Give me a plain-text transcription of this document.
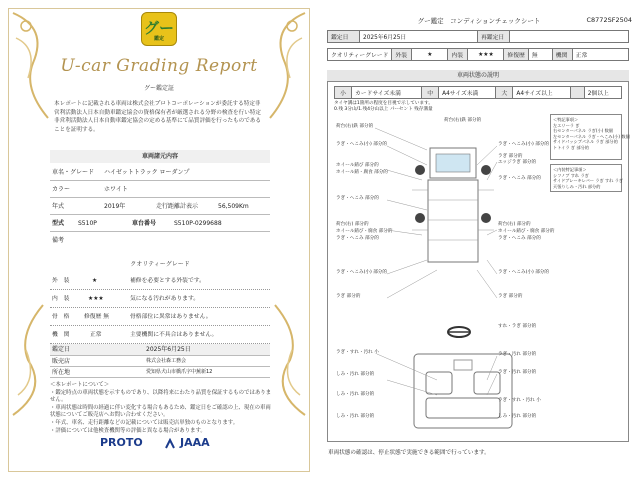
グー
鑑定
U-car Grading Report
グー鑑定証
本レポートに記載される車両は株式会社プロトコーポレーションが委託する特定非営利活動法人日本自動車鑑定協会の資格保有者が厳選される分野の検査を行い特定非営利活動法人日本自動車鑑定協会の定める基準にて品質評価を行ったものであることを証明する。
車両諸元内容
車名・グレード ハイゼットトラック ローダンプ
カラー	ホワイト
年式	2019年	走行距離計表示	56,509Km
型式 S510P	車台番号	S510P-0299688
備考
クオリティーグレード
外　装	★	補修を必要とする外装です。
内　装	★★★	気になる汚れがあります。
骨　格	修復歴 無	骨格部位に異常はありません。
機　関	正常	主要機関に不具合はありません。
鑑定日	2025年6月25日
販売店	株式会社森工務会
所在地	愛知県犬山市橋爪字中蕪新12
＜本レポートについて＞
・鑑定時点の車両状態を示すものであり、以降将来にわたり品質を保証するものではありません。
・車両状態は時間の経過に伴い変化する場合もあるため、鑑定日をご確認の上、現在の車両状態についてご販売店へお問い合わせください。
・年式、車名、走行距離などの記載については販売店単独のものとなります。
・評価については他検査機関等の評価と異なる場合があります。
PROTO	JAAA
グー鑑定　コンディションチェックシート	C8772SF2504
鑑定日	2025年6月25日	再鑑定日	
クオリティーグレード	外装	★	内装	★★★	修復歴	無	機関	正常
車両状態の説明
小	カードサイズ未満	中	A4サイズ未満	大	A4サイズ以上		2個以上
タイヤ溝は1箇所の程度を目視で示しています。
0.残 3分山/1.残4分山以上 パーセント 残存溝量
＜特記事項＞
左エリーラ ぎ
右センターパネル ラぎ(小) 数個
左センターパネル ラぎ・へこみ(小) 数個
サイドパッシブパネル ラぎ 部分的
トトイラ ぎ 部分的
＜内装特記事項＞
シフノブ すれ ラぎ
サイドブレーキレバー ラぎ すれ ラぎ
天張りしみ・汚れ 部分的
荷台(右)鉄 部分的
荷台(右)鉄 部分的
ラぎ・へこみ(小) 部分的	ラぎ・へこみ(小) 部分的
ラぎ 部分的
エッジラぎ 部分的
ホイール錆び 部分的
ホイール錆・腐食 部分的
ラぎ・へこみ 部分的
ラぎ・へこみ 部分的
荷台(右) 部分的	荷台(右) 部分的
ホイール錆び・腐食 部分的	ホイール錆び・腐食 部分的
ラぎ・へこみ 部分的	ラぎ・へこみ 部分的
ラぎ・へこみ(小) 部分的	ラぎ・へこみ(小) 部分的
ラぎ 部分的	ラぎ 部分的
すれ・ラぎ 部分的
ラぎ・すれ・汚れ 小	ラぎ・汚れ 部分的
ラぎ・汚れ 部分的
ラぎ・すれ・汚れ 小
しみ・汚れ 部分的
しみ・汚れ 部分的
しみ・汚れ 部分的	しみ・汚れ 部分的
車両状態の確認は、停止状態で実施できる範囲で行っています。
